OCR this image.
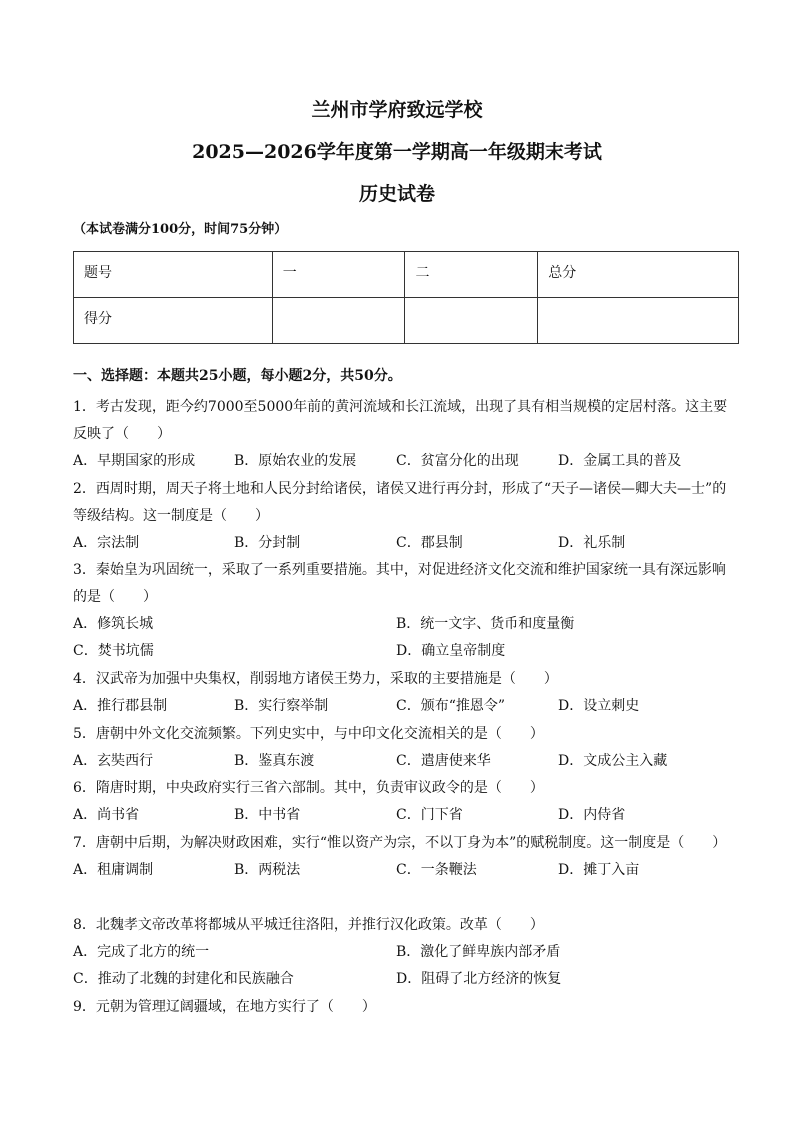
兰州市学府致远学校
2025—2026学年度第一学期高一年级期末考试
历史试卷
（本试卷满分100分，时间75分钟）
题号	一	二	总分
得分			
一、选择题：本题共25小题，每小题2分，共50分。
1．考古发现，距今约7000至5000年前的黄河流域和长江流域，出现了具有相当规模的定居村落。这主要反映了（　　）
A．早期国家的形成	B．原始农业的发展	C．贫富分化的出现	D．金属工具的普及
2．西周时期，周天子将土地和人民分封给诸侯，诸侯又进行再分封，形成了“天子—诸侯—卿大夫—士”的等级结构。这一制度是（　　）
A．宗法制	B．分封制	C．郡县制	D．礼乐制
3．秦始皇为巩固统一，采取了一系列重要措施。其中，对促进经济文化交流和维护国家统一具有深远影响的是（　　）
A．修筑长城	B．统一文字、货币和度量衡
C．焚书坑儒	D．确立皇帝制度
4．汉武帝为加强中央集权，削弱地方诸侯王势力，采取的主要措施是（　　）
A．推行郡县制	B．实行察举制	C．颁布“推恩令”	D．设立刺史
5．唐朝中外文化交流频繁。下列史实中，与中印文化交流相关的是（　　）
A．玄奘西行	B．鉴真东渡	C．遣唐使来华	D．文成公主入藏
6．隋唐时期，中央政府实行三省六部制。其中，负责审议政令的是（　　）
A．尚书省	B．中书省	C．门下省	D．内侍省
7．唐朝中后期，为解决财政困难，实行“惟以资产为宗，不以丁身为本”的赋税制度。这一制度是（　　）
A．租庸调制	B．两税法	C．一条鞭法	D．摊丁入亩
8．北魏孝文帝改革将都城从平城迁往洛阳，并推行汉化政策。改革（　　）
A．完成了北方的统一	B．激化了鲜卑族内部矛盾
C．推动了北魏的封建化和民族融合	D．阻碍了北方经济的恢复
9．元朝为管理辽阔疆域，在地方实行了（　　）
